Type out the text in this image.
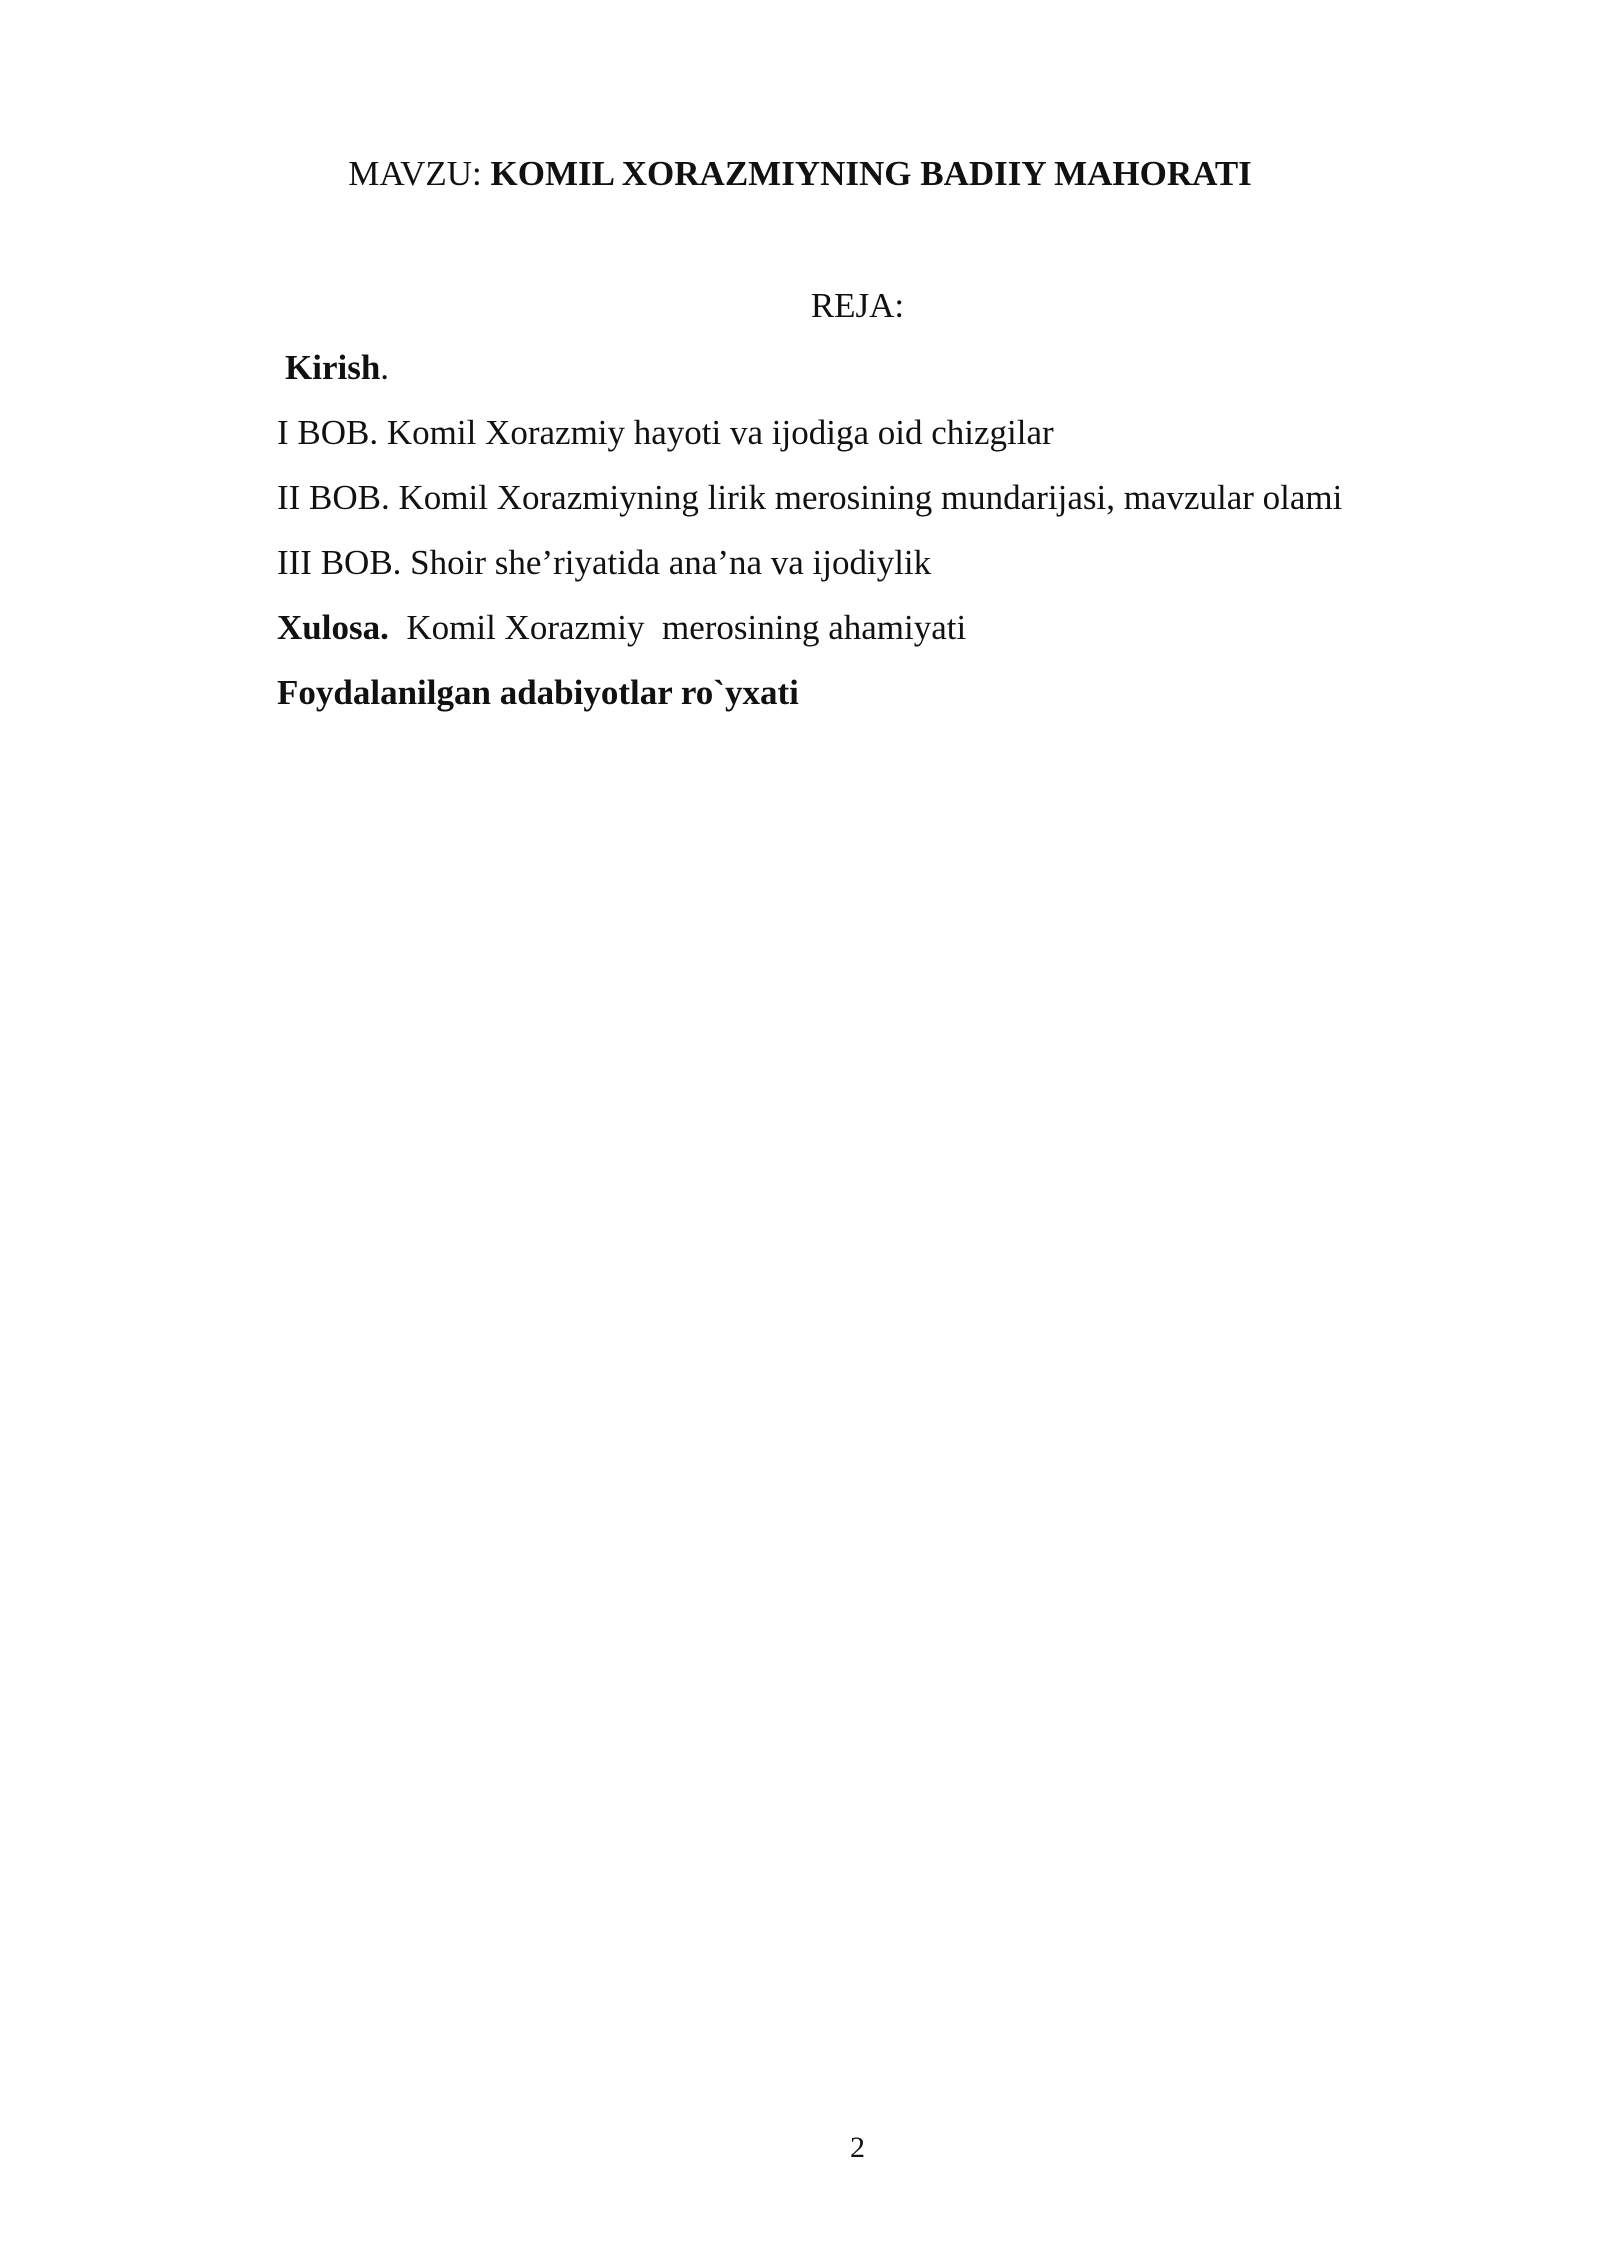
MAVZU: KOMIL XORAZMIYNING BADIIY MAHORATI
REJA:
Kirish.
I BOB. Komil Xorazmiy hayoti va ijodiga oid chizgilar
II BOB. Komil Xorazmiyning lirik merosining mundarijasi, mavzular olami
III BOB. Shoir she’riyatida ana’na va ijodiylik
Xulosa.  Komil Xorazmiy  merosining ahamiyati
Foydalanilgan adabiyotlar ro`yxati
2
